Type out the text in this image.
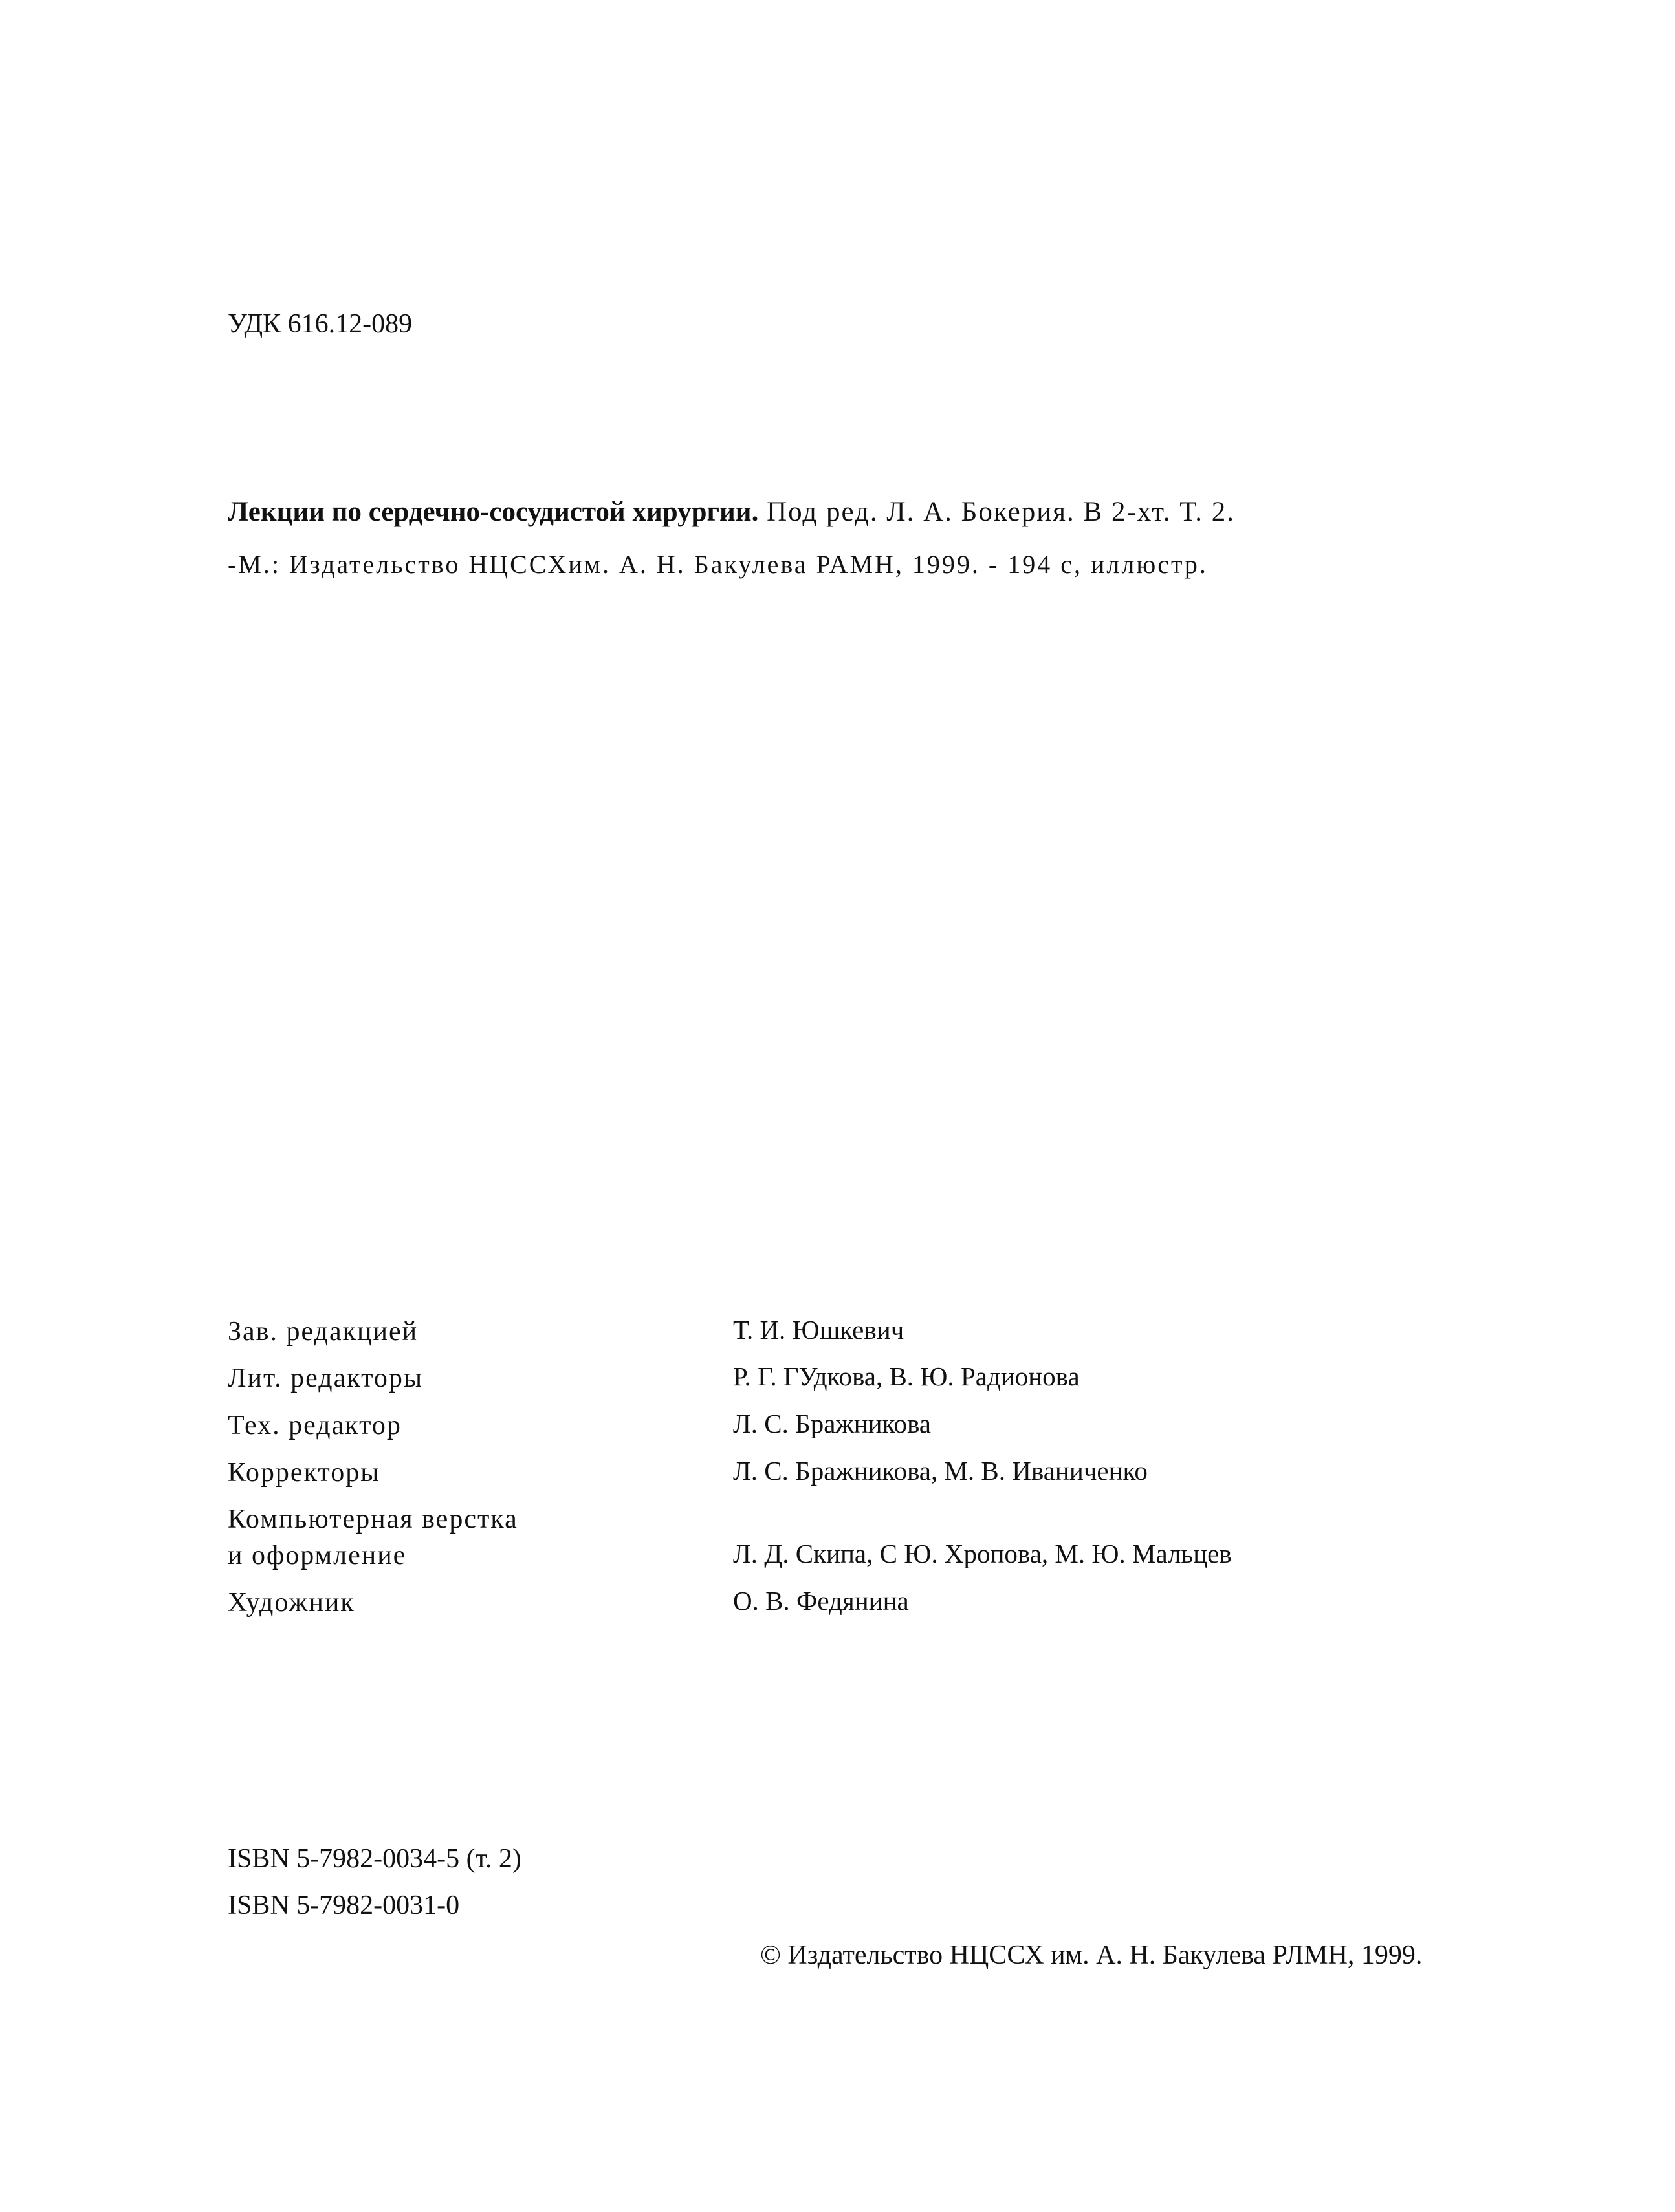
УДК 616.12-089
Лекции по сердечно-сосудистой хирургии. Под ред. Л. А. Бокерия. В 2-хт. Т. 2.
-М.: Издательство НЦССХим. А. Н. Бакулева РАМН, 1999. - 194 с, иллюстр.
Зав. редакцией	Т. И. Юшкевич
Лит. редакторы	Р. Г. ГУдкова, В. Ю. Радионова
Тех. редактор	Л. С. Бражникова
Корректоры	Л. С. Бражникова, М. В. Иваниченко
Компьютерная верстка
и оформление	Л. Д. Скипа, С Ю. Хропова, М. Ю. Мальцев
Художник	О. В. Федянина
ISBN 5-7982-0034-5 (т. 2)
ISBN 5-7982-0031-0
© Издательство НЦССХ им. А. Н. Бакулева РЛМН, 1999.
